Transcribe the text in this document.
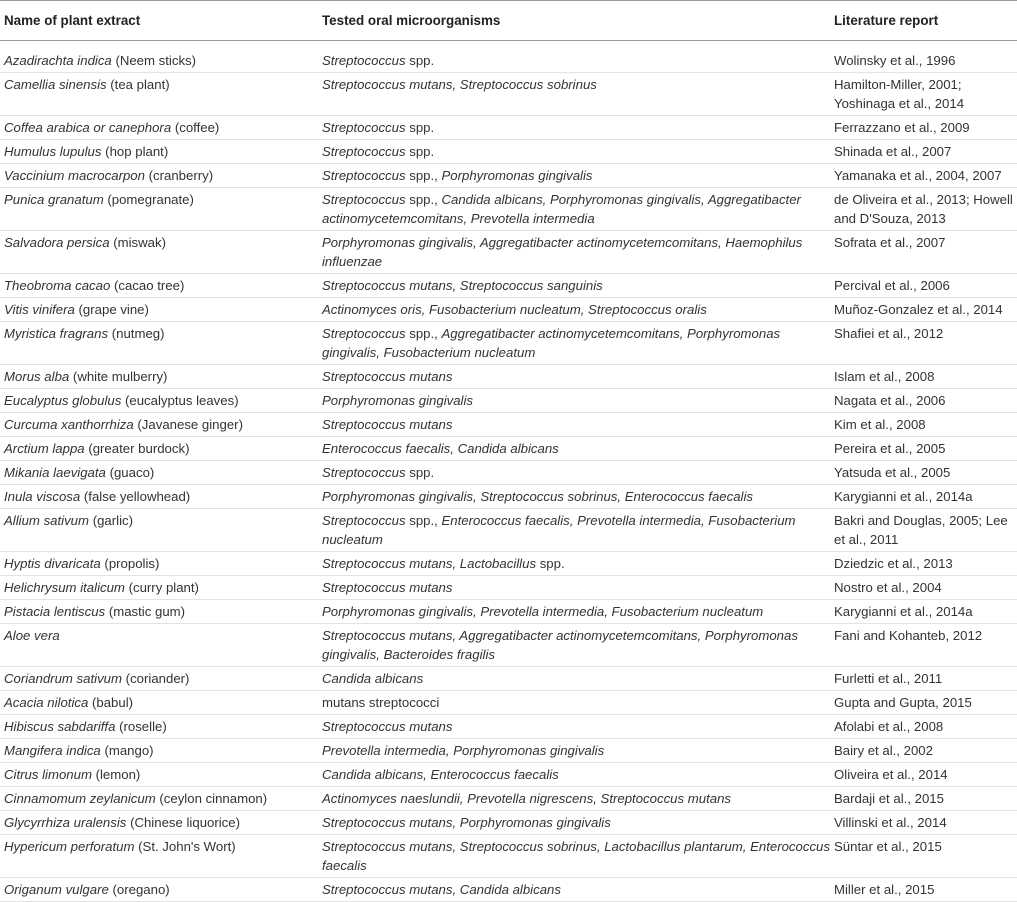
Name of plant extract	Tested oral microorganisms	Literature report

Azadirachta indica (Neem sticks)	Streptococcus spp.	Wolinsky et al., 1996
Camellia sinensis (tea plant)	Streptococcus mutans, Streptococcus sobrinus	Hamilton-Miller, 2001; Yoshinaga et al., 2014
Coffea arabica or canephora (coffee)	Streptococcus spp.	Ferrazzano et al., 2009
Humulus lupulus (hop plant)	Streptococcus spp.	Shinada et al., 2007
Vaccinium macrocarpon (cranberry)	Streptococcus spp., Porphyromonas gingivalis	Yamanaka et al., 2004, 2007
Punica granatum (pomegranate)	Streptococcus spp., Candida albicans, Porphyromonas gingivalis, Aggregatibacter actinomycetemcomitans, Prevotella intermedia	de Oliveira et al., 2013; Howell and D'Souza, 2013
Salvadora persica (miswak)	Porphyromonas gingivalis, Aggregatibacter actinomycetemcomitans, Haemophilus influenzae	Sofrata et al., 2007
Theobroma cacao (cacao tree)	Streptococcus mutans, Streptococcus sanguinis	Percival et al., 2006
Vitis vinifera (grape vine)	Actinomyces oris, Fusobacterium nucleatum, Streptococcus oralis	Muñoz-Gonzalez et al., 2014
Myristica fragrans (nutmeg)	Streptococcus spp., Aggregatibacter actinomycetemcomitans, Porphyromonas gingivalis, Fusobacterium nucleatum	Shafiei et al., 2012
Morus alba (white mulberry)	Streptococcus mutans	Islam et al., 2008
Eucalyptus globulus (eucalyptus leaves)	Porphyromonas gingivalis	Nagata et al., 2006
Curcuma xanthorrhiza (Javanese ginger)	Streptococcus mutans	Kim et al., 2008
Arctium lappa (greater burdock)	Enterococcus faecalis, Candida albicans	Pereira et al., 2005
Mikania laevigata (guaco)	Streptococcus spp.	Yatsuda et al., 2005
Inula viscosa (false yellowhead)	Porphyromonas gingivalis, Streptococcus sobrinus, Enterococcus faecalis	Karygianni et al., 2014a
Allium sativum (garlic)	Streptococcus spp., Enterococcus faecalis, Prevotella intermedia, Fusobacterium nucleatum	Bakri and Douglas, 2005; Lee et al., 2011
Hyptis divaricata (propolis)	Streptococcus mutans, Lactobacillus spp.	Dziedzic et al., 2013
Helichrysum italicum (curry plant)	Streptococcus mutans	Nostro et al., 2004
Pistacia lentiscus (mastic gum)	Porphyromonas gingivalis, Prevotella intermedia, Fusobacterium nucleatum	Karygianni et al., 2014a
Aloe vera	Streptococcus mutans, Aggregatibacter actinomycetemcomitans, Porphyromonas gingivalis, Bacteroides fragilis	Fani and Kohanteb, 2012
Coriandrum sativum (coriander)	Candida albicans	Furletti et al., 2011
Acacia nilotica (babul)	mutans streptococci	Gupta and Gupta, 2015
Hibiscus sabdariffa (roselle)	Streptococcus mutans	Afolabi et al., 2008
Mangifera indica (mango)	Prevotella intermedia, Porphyromonas gingivalis	Bairy et al., 2002
Citrus limonum (lemon)	Candida albicans, Enterococcus faecalis	Oliveira et al., 2014
Cinnamomum zeylanicum (ceylon cinnamon)	Actinomyces naeslundii, Prevotella nigrescens, Streptococcus mutans	Bardaji et al., 2015
Glycyrrhiza uralensis (Chinese liquorice)	Streptococcus mutans, Porphyromonas gingivalis	Villinski et al., 2014
Hypericum perforatum (St. John's Wort)	Streptococcus mutans, Streptococcus sobrinus, Lactobacillus plantarum, Enterococcus faecalis	Süntar et al., 2015
Origanum vulgare (oregano)	Streptococcus mutans, Candida albicans	Miller et al., 2015
